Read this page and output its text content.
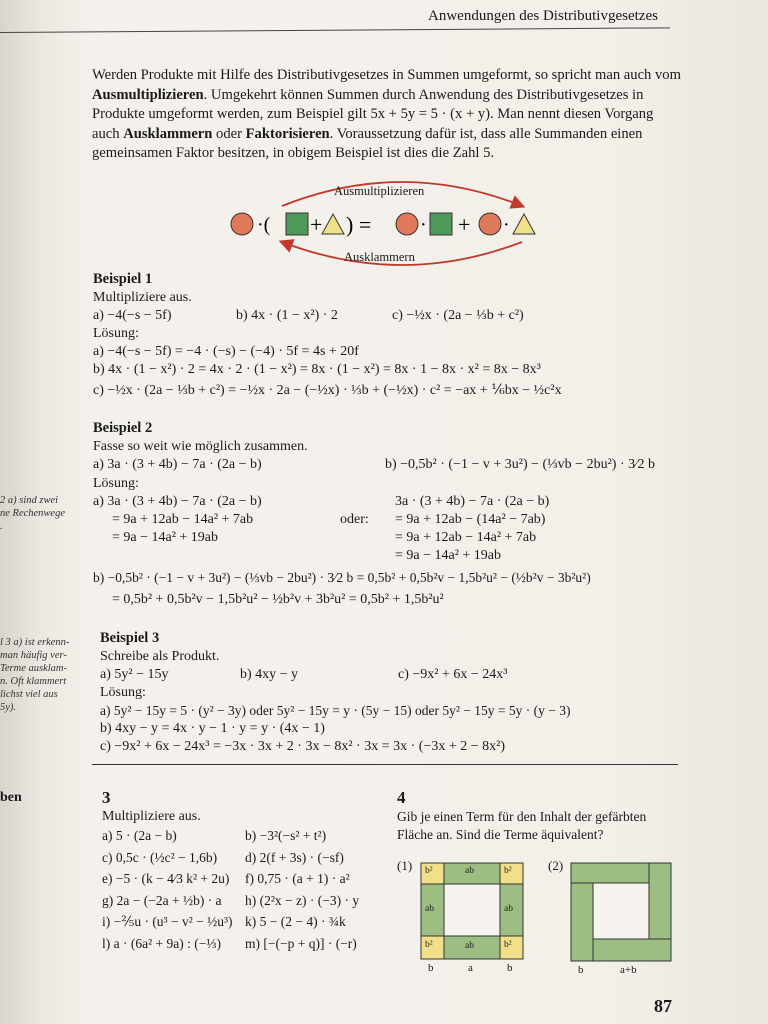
Anwendungen des Distributivgesetzes

Werden Produkte mit Hilfe des Distributivgesetzes in Summen umgeformt, so spricht man auch vom Ausmultiplizieren. Umgekehrt können Summen durch Anwendung des Distributivgesetzes in Produkte umgeformt werden, zum Beispiel gilt 5x + 5y = 5 · (x + y). Man nennt diesen Vorgang auch Ausklammern oder Faktorisieren. Voraussetzung dafür ist, dass alle Summanden einen gemeinsamen Faktor besitzen, in obigem Beispiel ist dies die Zahl 5.

·( + ) = · + ·
Ausmultiplizieren
Ausklammern
Beispiel 1
Multipliziere aus.
a) −4(−s − 5f)	b) 4x · (1 − x²) · 2	c) −½x · (2a − ⅓b + c²)
Lösung:
a) −4(−s − 5f) = −4 · (−s) − (−4) · 5f = 4s + 20f
b) 4x · (1 − x²) · 2 = 4x · 2 · (1 − x²) = 8x · (1 − x²) = 8x · 1 − 8x · x² = 8x − 8x³
c) −½x · (2a − ⅓b + c²) = −½x · 2a − (−½x) · ⅓b + (−½x) · c² = −ax + ⅙bx − ½c²x
Beispiel 2
Fasse so weit wie möglich zusammen.
a) 3a · (3 + 4b) − 7a · (2a − b)	b) −0,5b² · (−1 − v + 3u²) − (⅓vb − 2bu²) · 3⁄2 b
Lösung:
a) 3a · (3 + 4b) − 7a · (2a − b)
= 9a + 12ab − 14a² + 7ab
= 9a − 14a² + 19ab
oder:
3a · (3 + 4b) − 7a · (2a − b)
= 9a + 12ab − (14a² − 7ab)
= 9a + 12ab − 14a² + 7ab
= 9a − 14a² + 19ab
b) −0,5b² · (−1 − v + 3u²) − (⅓vb − 2bu²) · 3⁄2 b = 0,5b² + 0,5b²v − 1,5b²u² − (½b²v − 3b²u²)
= 0,5b² + 0,5b²v − 1,5b²u² − ½b²v + 3b²u² = 0,5b² + 1,5b²u²
Beispiel 3
Schreibe als Produkt.
a) 5y² − 15y	b) 4xy − y	c) −9x² + 6x − 24x³
Lösung:
a) 5y² − 15y = 5 · (y² − 3y) oder 5y² − 15y = y · (5y − 15) oder 5y² − 15y = 5y · (y − 3)
b) 4xy − y = 4x · y − 1 · y = y · (4x − 1)
c) −9x² + 6x − 24x³ = −3x · 3x + 2 · 3x − 8x² · 3x = 3x · (−3x + 2 − 8x²)
2 a) sind zwei
ne Rechenwege
.
l 3 a) ist erkenn-
man häufig ver-
Terme ausklam-
n. Oft klammert
lichst viel aus
5y).
ben	3
Multipliziere aus.
a) 5 · (2a − b)	b) −3²(−s² + t²)
c) 0,5c · (½c² − 1,6b)	d) 2(f + 3s) · (−sf)
e) −5 · (k − 4⁄3 k² + 2u)	f) 0,75 · (a + 1) · a²
g) 2a − (−2a + ½b) · a	h) (2²x − z) · (−3) · y
i) −⅖u · (u³ − v² − ½u³) k) 5 − (2 − 4) · ¾k
l) a · (6a² + 9a) : (−⅓)	m) [−(−p + q)] · (−r)
4
Gib je einen Term für den Inhalt der gefärbten Fläche an. Sind die Terme äquivalent?
(1) b²	b²
b²	b²
ab
ab
ab	ab
b	a	b
(2)
b	a+b
87
